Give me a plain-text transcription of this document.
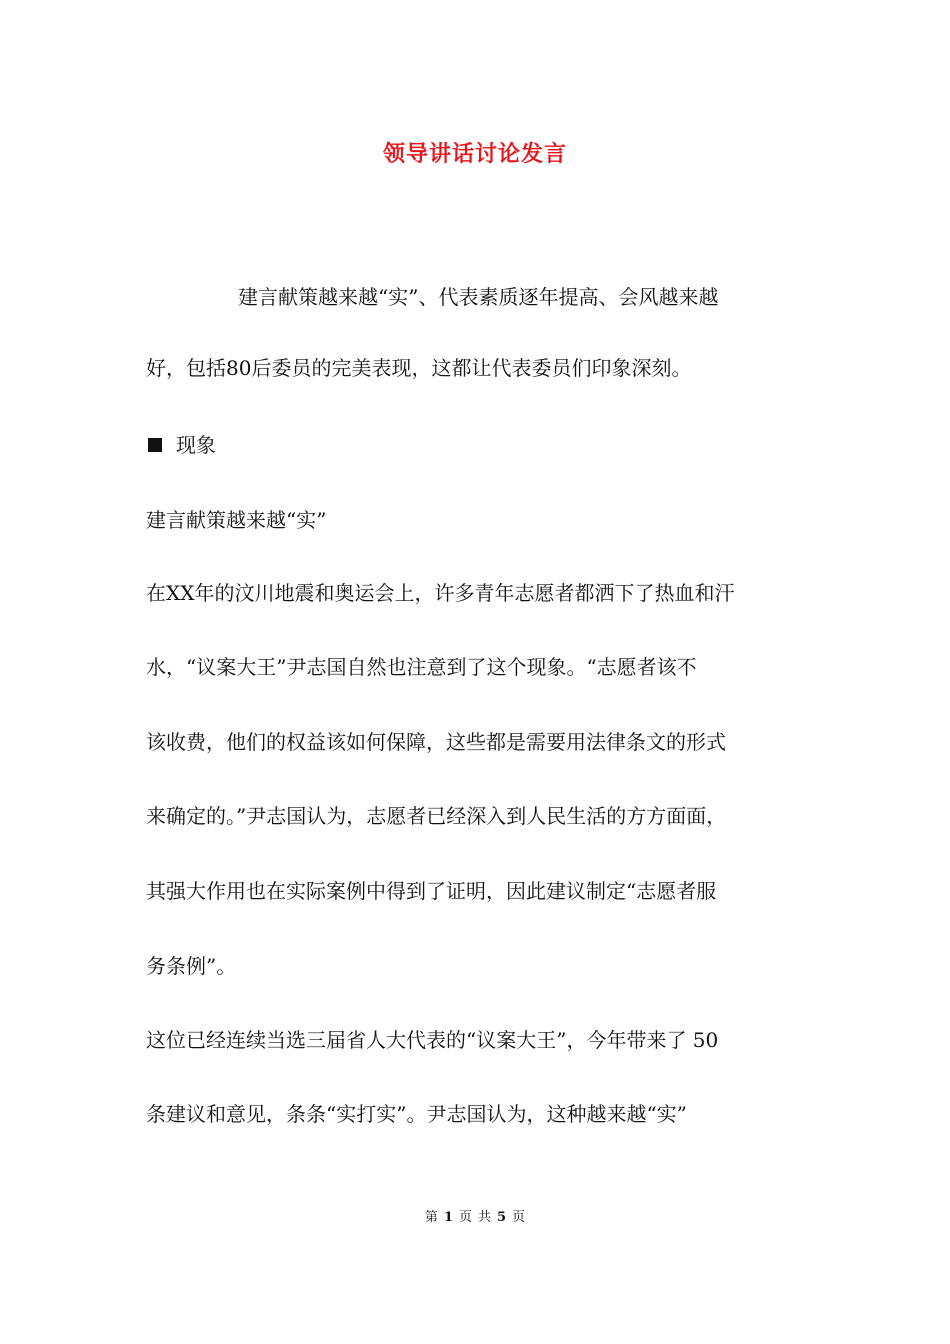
领导讲话讨论发言
建言献策越来越“实”、代表素质逐年提高、会风越来越
好，包括80后委员的完美表现，这都让代表委员们印象深刻。
现象
建言献策越来越“实”
在XX年的汶川地震和奥运会上，许多青年志愿者都洒下了热血和汗
水，“议案大王”尹志国自然也注意到了这个现象。“志愿者该不
该收费，他们的权益该如何保障，这些都是需要用法律条文的形式
来确定的。”尹志国认为，志愿者已经深入到人民生活的方方面面，
其强大作用也在实际案例中得到了证明，因此建议制定“志愿者服
务条例”。
这位已经连续当选三届省人大代表的“议案大王”，今年带来了 50
条建议和意见，条条“实打实”。尹志国认为，这种越来越“实”
第 1 页 共 5 页
